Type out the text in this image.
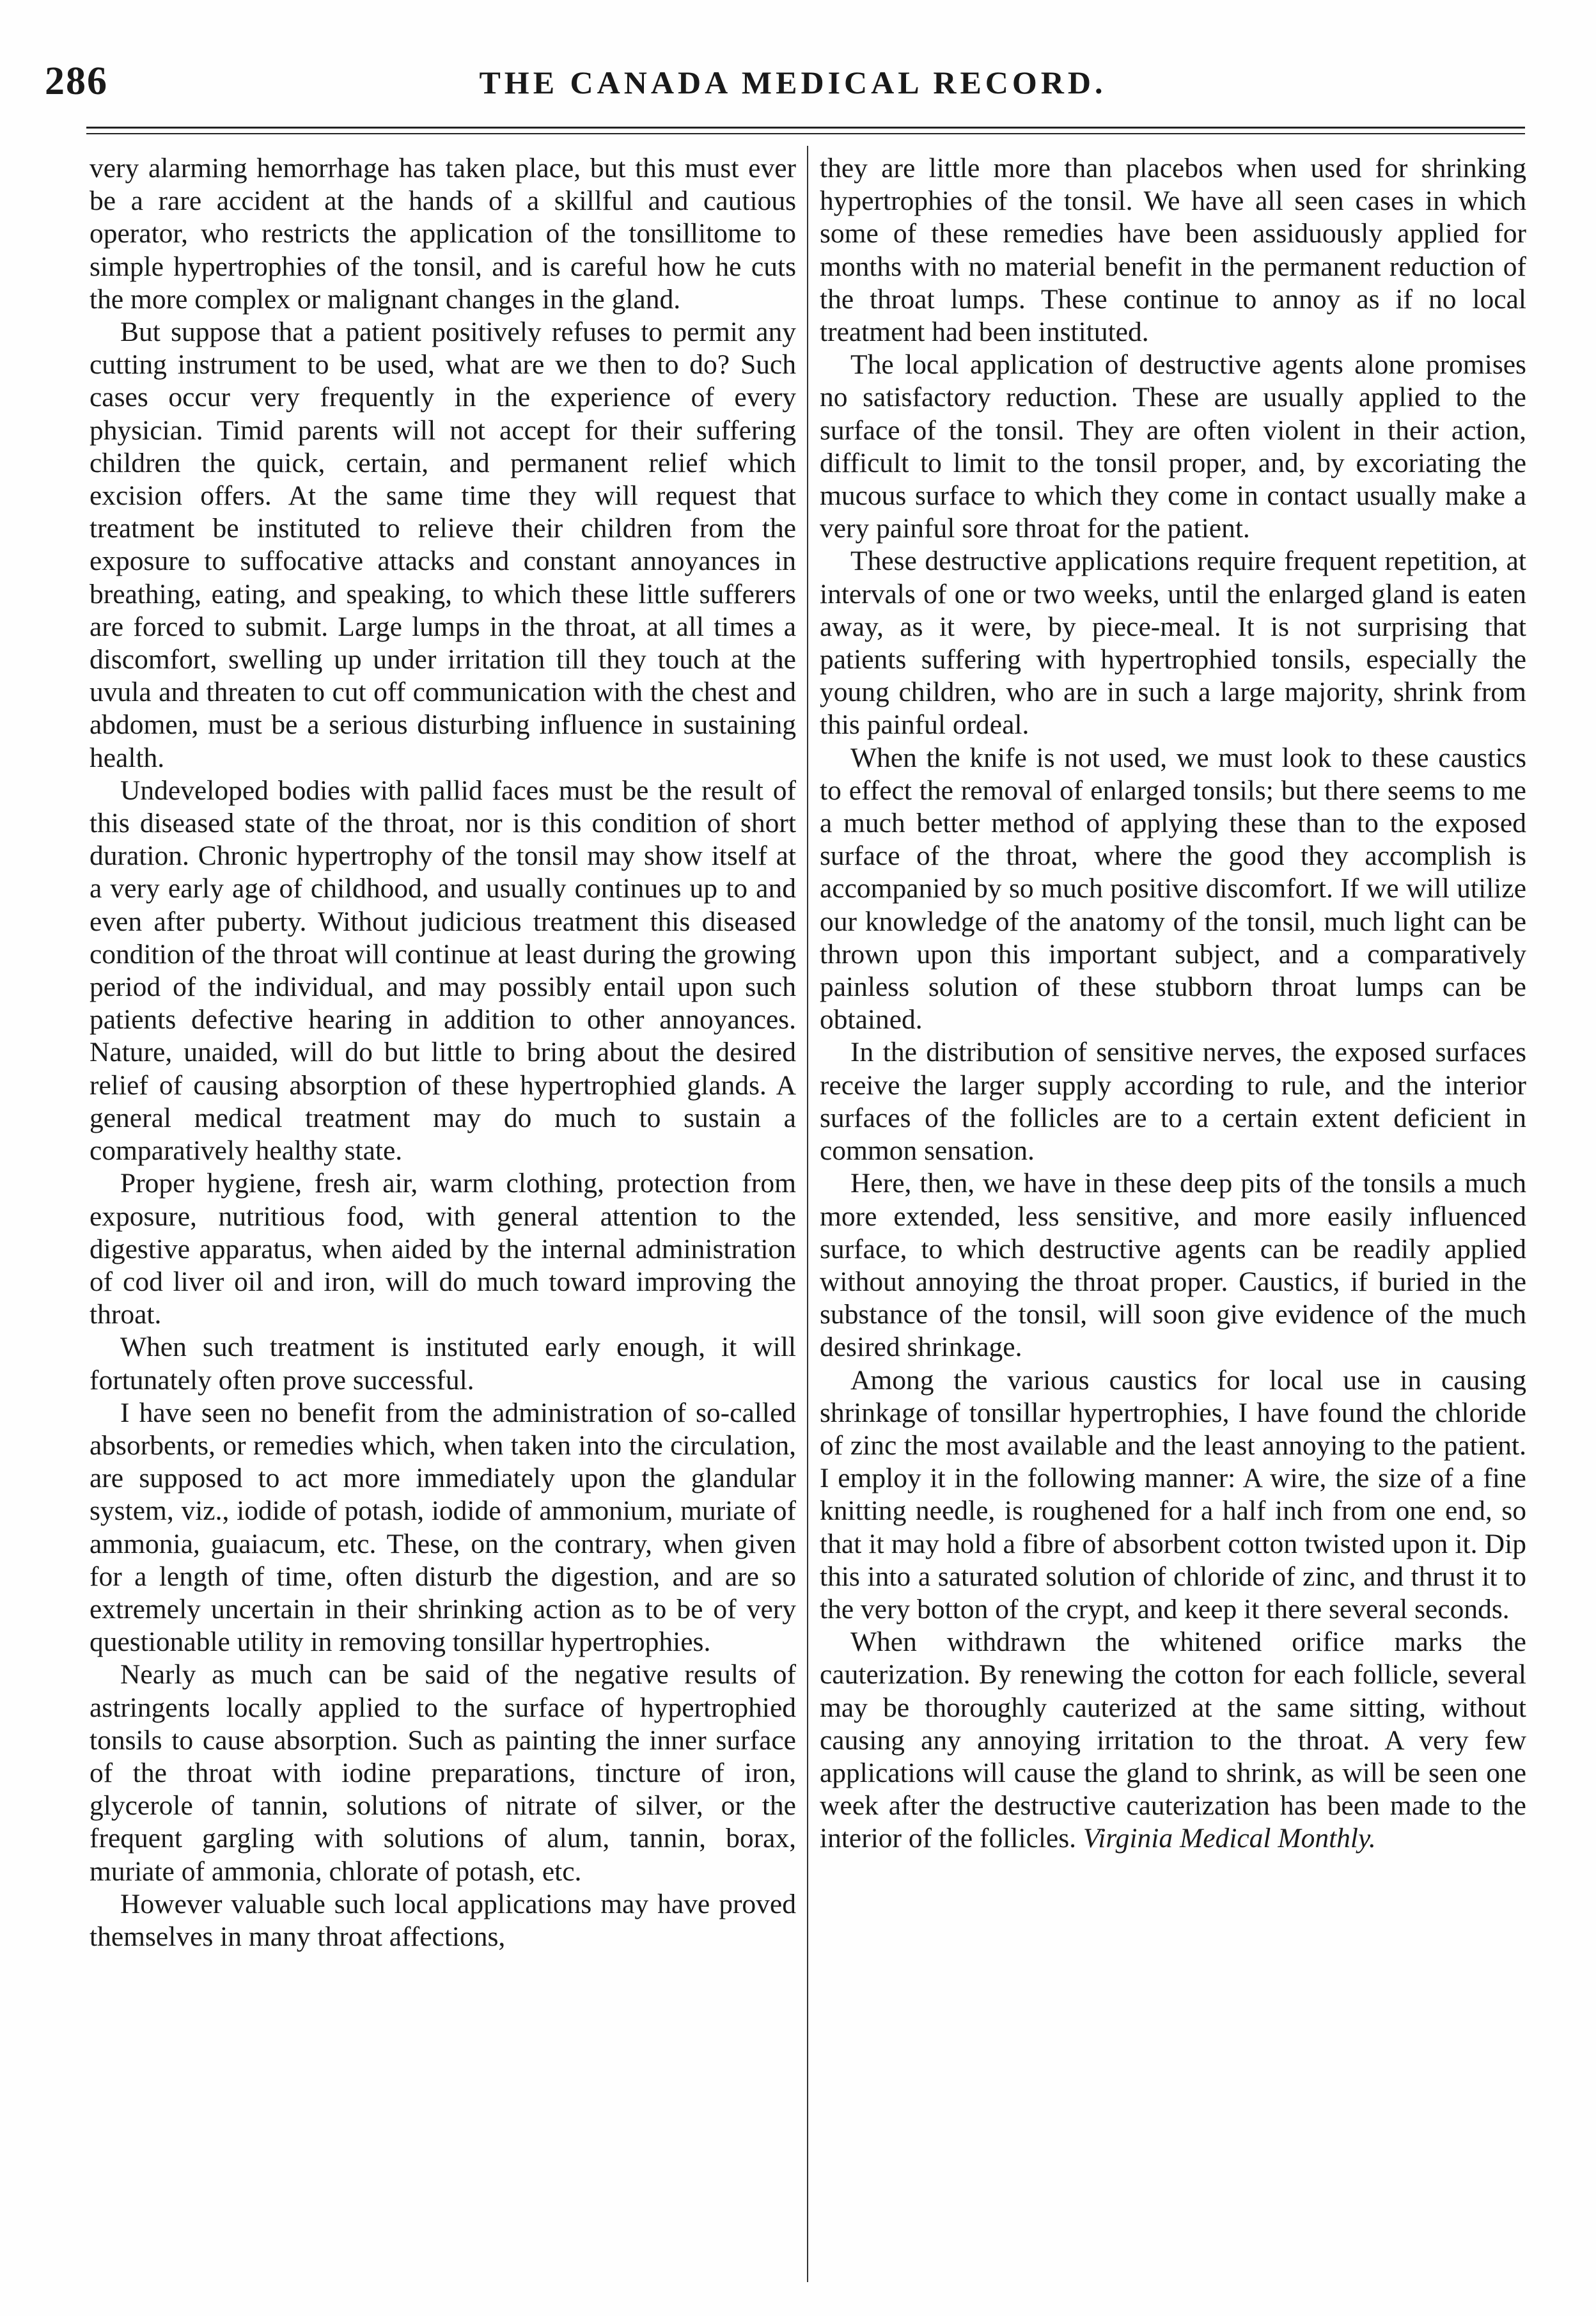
286	THE CANADA MEDICAL RECORD.

very alarming hemorrhage has taken place, but this must ever be a rare accident at the hands of a skillful and cautious operator, who restricts the application of the tonsillitome to simple hypertrophies of the tonsil, and is careful how he cuts the more complex or malignant changes in the gland.

But suppose that a patient positively refuses to permit any cutting instrument to be used, what are we then to do? Such cases occur very frequently in the experience of every physician. Timid parents will not accept for their suffering children the quick, certain, and permanent relief which excision offers. At the same time they will request that treatment be instituted to relieve their children from the exposure to suffocative attacks and constant annoyances in breathing, eating, and speaking, to which these little sufferers are forced to submit. Large lumps in the throat, at all times a discomfort, swelling up under irritation till they touch at the uvula and threaten to cut off communication with the chest and abdomen, must be a serious disturbing influence in sustaining health.

Undeveloped bodies with pallid faces must be the result of this diseased state of the throat, nor is this condition of short duration. Chronic hypertrophy of the tonsil may show itself at a very early age of childhood, and usually continues up to and even after puberty. Without judicious treatment this diseased condition of the throat will continue at least during the growing period of the individual, and may possibly entail upon such patients defective hearing in addition to other annoyances. Nature, unaided, will do but little to bring about the desired relief of causing absorption of these hypertrophied glands. A general medical treatment may do much to sustain a comparatively healthy state.

Proper hygiene, fresh air, warm clothing, protection from exposure, nutritious food, with general attention to the digestive apparatus, when aided by the internal administration of cod liver oil and iron, will do much toward improving the throat.

When such treatment is instituted early enough, it will fortunately often prove successful.

I have seen no benefit from the administration of so-called absorbents, or remedies which, when taken into the circulation, are supposed to act more immediately upon the glandular system, viz., iodide of potash, iodide of ammonium, muriate of ammonia, guaiacum, etc. These, on the contrary, when given for a length of time, often disturb the digestion, and are so extremely uncertain in their shrinking action as to be of very questionable utility in removing tonsillar hypertrophies.

Nearly as much can be said of the negative results of astringents locally applied to the surface of hypertrophied tonsils to cause absorption. Such as painting the inner surface of the throat with iodine preparations, tincture of iron, glycerole of tannin, solutions of nitrate of silver, or the frequent gargling with solutions of alum, tannin, borax, muriate of ammonia, chlorate of potash, etc.

However valuable such local applications may have proved themselves in many throat affections,

they are little more than placebos when used for shrinking hypertrophies of the tonsil. We have all seen cases in which some of these remedies have been assiduously applied for months with no material benefit in the permanent reduction of the throat lumps. These continue to annoy as if no local treatment had been instituted.

The local application of destructive agents alone promises no satisfactory reduction. These are usually applied to the surface of the tonsil. They are often violent in their action, difficult to limit to the tonsil proper, and, by excoriating the mucous surface to which they come in contact usually make a very painful sore throat for the patient.

These destructive applications require frequent repetition, at intervals of one or two weeks, until the enlarged gland is eaten away, as it were, by piece-meal. It is not surprising that patients suffering with hypertrophied tonsils, especially the young children, who are in such a large majority, shrink from this painful ordeal.

When the knife is not used, we must look to these caustics to effect the removal of enlarged tonsils; but there seems to me a much better method of applying these than to the exposed surface of the throat, where the good they accomplish is accompanied by so much positive discomfort. If we will utilize our knowledge of the anatomy of the tonsil, much light can be thrown upon this important subject, and a comparatively painless solution of these stubborn throat lumps can be obtained.

In the distribution of sensitive nerves, the exposed surfaces receive the larger supply according to rule, and the interior surfaces of the follicles are to a certain extent deficient in common sensation.

Here, then, we have in these deep pits of the tonsils a much more extended, less sensitive, and more easily influenced surface, to which destructive agents can be readily applied without annoying the throat proper. Caustics, if buried in the substance of the tonsil, will soon give evidence of the much desired shrinkage.

Among the various caustics for local use in causing shrinkage of tonsillar hypertrophies, I have found the chloride of zinc the most available and the least annoying to the patient. I employ it in the following manner: A wire, the size of a fine knitting needle, is roughened for a half inch from one end, so that it may hold a fibre of absorbent cotton twisted upon it. Dip this into a saturated solution of chloride of zinc, and thrust it to the very botton of the crypt, and keep it there several seconds.

When withdrawn the whitened orifice marks the cauterization. By renewing the cotton for each follicle, several may be thoroughly cauterized at the same sitting, without causing any annoying irritation to the throat. A very few applications will cause the gland to shrink, as will be seen one week after the destructive cauterization has been made to the interior of the follicles. Virginia Medical Monthly.
